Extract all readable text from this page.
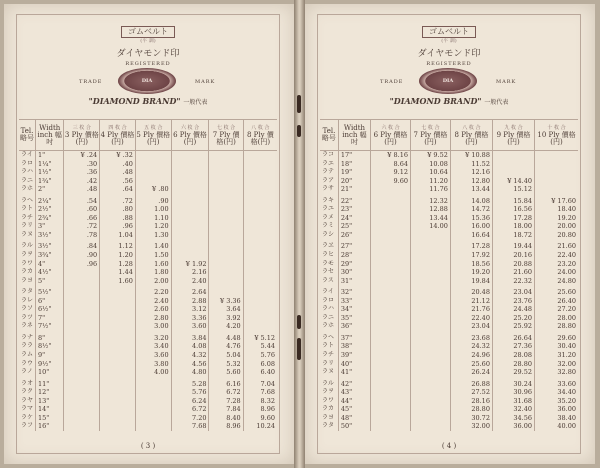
ゴムベルト
(平 調)
ダイヤモンド印
REGISTERED
TRADE	DIA	MARK
"DIAMOND BRAND" 一般代表
Tel. 略号	Width inch 幅 吋	三 枚 合
3 Ply 價格(円)	四 枚 合
4 Ply 價格(円)	五 枚 合
5 Ply 價格(円)	六 枚 合
6 Ply 價格(円)	七 枚 合
7 Ply 價格(円)	八 枚 合
8 Ply 價格(円)

ライ	1"	¥ .24	¥ .32				
ラロ	1¼"	.30	.40				
ラハ	1½"	.36	.48				
ラニ	1¾"	.42	.56				
ラホ	2"	.48	.64	¥ .80			

ラヘ	2¼"	.54	.72	.90			
ラト	2½"	.60	.80	1.00			
ラチ	2¾"	.66	.88	1.10			
ラリ	3"	.72	.96	1.20			
ラヌ	3½"	.78	1.04	1.30			

ラル	3½"	.84	1.12	1.40			
ラヲ	3¾"	.90	1.20	1.50			
ラワ	4"	.96	1.28	1.60	¥ 1.92		
ラカ	4½"		1.44	1.80	2.16		
ラヨ	5"		1.60	2.00	2.40		

ラタ	5½"			2.20	2.64		
ラレ	6"			2.40	2.88	¥ 3.36	
ラソ	6½"			2.60	3.12	3.64	
ラツ	7"			2.80	3.36	3.92	
ラネ	7½"			3.00	3.60	4.20	

ラナ	8"			3.20	3.84	4.48	¥ 5.12
ララ	8½"			3.40	4.08	4.76	5.44
ラム	9"			3.60	4.32	5.04	5.76
ラウ	9½"			3.80	4.56	5.32	6.08
ラノ	10"			4.00	4.80	5.60	6.40

ラオ	11"				5.28	6.16	7.04
ラク	12"				5.76	6.72	7.68
ラヤ	13"				6.24	7.28	8.32
ラマ	14"				6.72	7.84	8.96
ラケ	15"				7.20	8.40	9.60
ラフ	16"				7.68	8.96	10.24
( 3 )
ゴムベルト
(平 調)
ダイヤモンド印
REGISTERED
TRADE	DIA	MARK
"DIAMOND BRAND" 一般代表
Tel. 略号	Width inch 幅 吋	六 枚 合
6 Ply 價格(円)	七 枚 合
7 Ply 價格(円)	八 枚 合
8 Ply 價格(円)	九 枚 合
9 Ply 價格(円)	十 枚 合
10 Ply 價格(円)

ラコ	17"	¥ 8.16	¥ 9.52	¥ 10.88		
ラエ	18"	8.64	10.08	11.52		
ラテ	19"	9.12	10.64	12.16		
ラア	20"	9.60	11.20	12.80	¥ 14.40	
ラサ	21"		11.76	13.44	15.12	

ラキ	22"		12.32	14.08	15.84	¥ 17.60
ラユ	23"		12.88	14.72	16.56	18.40
ラメ	24"		13.44	15.36	17.28	19.20
ラミ	25"		14.00	16.00	18.00	20.00
ラシ	26"			16.64	18.72	20.80

ラヱ	27"			17.28	19.44	21.60
ラヒ	28"			17.92	20.16	22.40
ラモ	29"			18.56	20.88	23.20
ラセ	30"			19.20	21.60	24.00
ラス	31"			19.84	22.32	24.80

ライ	32"			20.48	23.04	25.60
ラロ	33"			21.12	23.76	26.40
ラハ	34"			21.76	24.48	27.20
ラニ	35"			22.40	25.20	28.00
ラホ	36"			23.04	25.92	28.80

ラヘ	37"			23.68	26.64	29.60
ラト	38"			24.32	27.36	30.40
ラチ	39"			24.96	28.08	31.20
ラリ	40"			25.60	28.80	32.00
ラヌ	41"			26.24	29.52	32.80

ラル	42"			26.88	30.24	33.60
ラヲ	43"			27.52	30.96	34.40
ラワ	44"			28.16	31.68	35.20
ラカ	45"			28.80	32.40	36.00
ラヨ	48"			30.72	34.56	38.40
ラタ	50"			32.00	36.00	40.00
( 4 )
